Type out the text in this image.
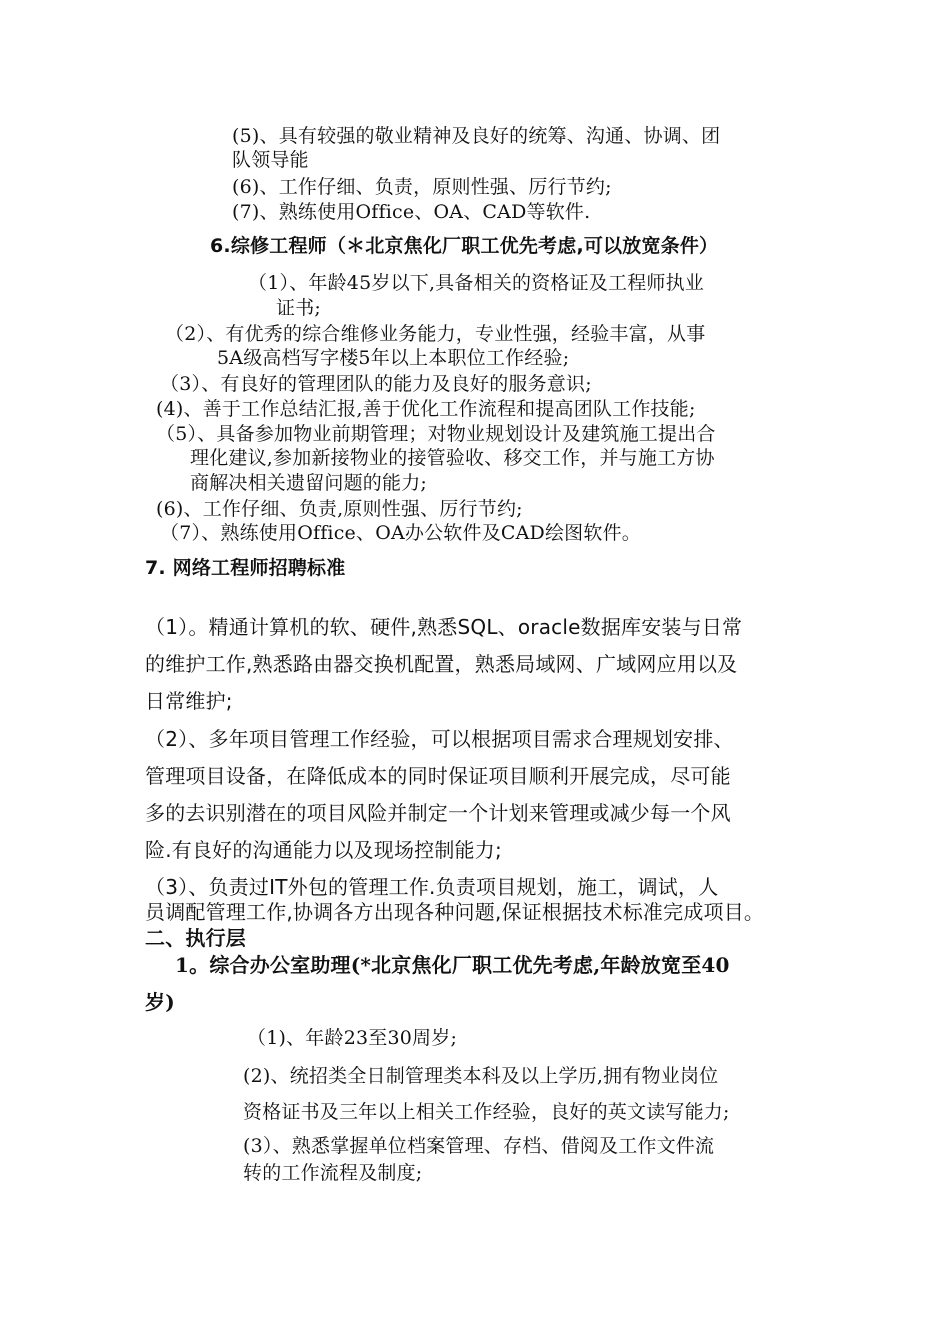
(5)、具有较强的敬业精神及良好的统筹、沟通、协调、团
队领导能
(6)、工作仔细、负责，原则性强、厉行节约;
(7)、熟练使用Office、OA、CAD等软件.
6.综修工程师（＊北京焦化厂职工优先考虑,可以放宽条件）
（1）、年龄45岁以下,具备相关的资格证及工程师执业
证书;
（2）、有优秀的综合维修业务能力，专业性强，经验丰富，从事
5A级高档写字楼5年以上本职位工作经验;
（3）、有良好的管理团队的能力及良好的服务意识;
(4)、善于工作总结汇报,善于优化工作流程和提高团队工作技能;
（5）、具备参加物业前期管理；对物业规划设计及建筑施工提出合
理化建议,参加新接物业的接管验收、移交工作，并与施工方协
商解决相关遗留问题的能力;
(6)、工作仔细、负责,原则性强、厉行节约;
（7）、熟练使用Office、OA办公软件及CAD绘图软件。
7. 网络工程师招聘标准
（1）。精通计算机的软、硬件,熟悉SQL、oracle数据库安装与日常
的维护工作,熟悉路由器交换机配置，熟悉局域网、广域网应用以及
日常维护;
（2）、多年项目管理工作经验，可以根据项目需求合理规划安排、
管理项目设备，在降低成本的同时保证项目顺利开展完成，尽可能
多的去识别潜在的项目风险并制定一个计划来管理或减少每一个风
险.有良好的沟通能力以及现场控制能力;
（3）、负责过IT外包的管理工作.负责项目规划，施工，调试，人
员调配管理工作,协调各方出现各种问题,保证根据技术标准完成项目。
二、执行层
1。综合办公室助理(*北京焦化厂职工优先考虑,年龄放宽至40
岁)
（1)、年龄23至30周岁;
(2)、统招类全日制管理类本科及以上学历,拥有物业岗位
资格证书及三年以上相关工作经验，良好的英文读写能力;
(3）、熟悉掌握单位档案管理、存档、借阅及工作文件流
转的工作流程及制度;
